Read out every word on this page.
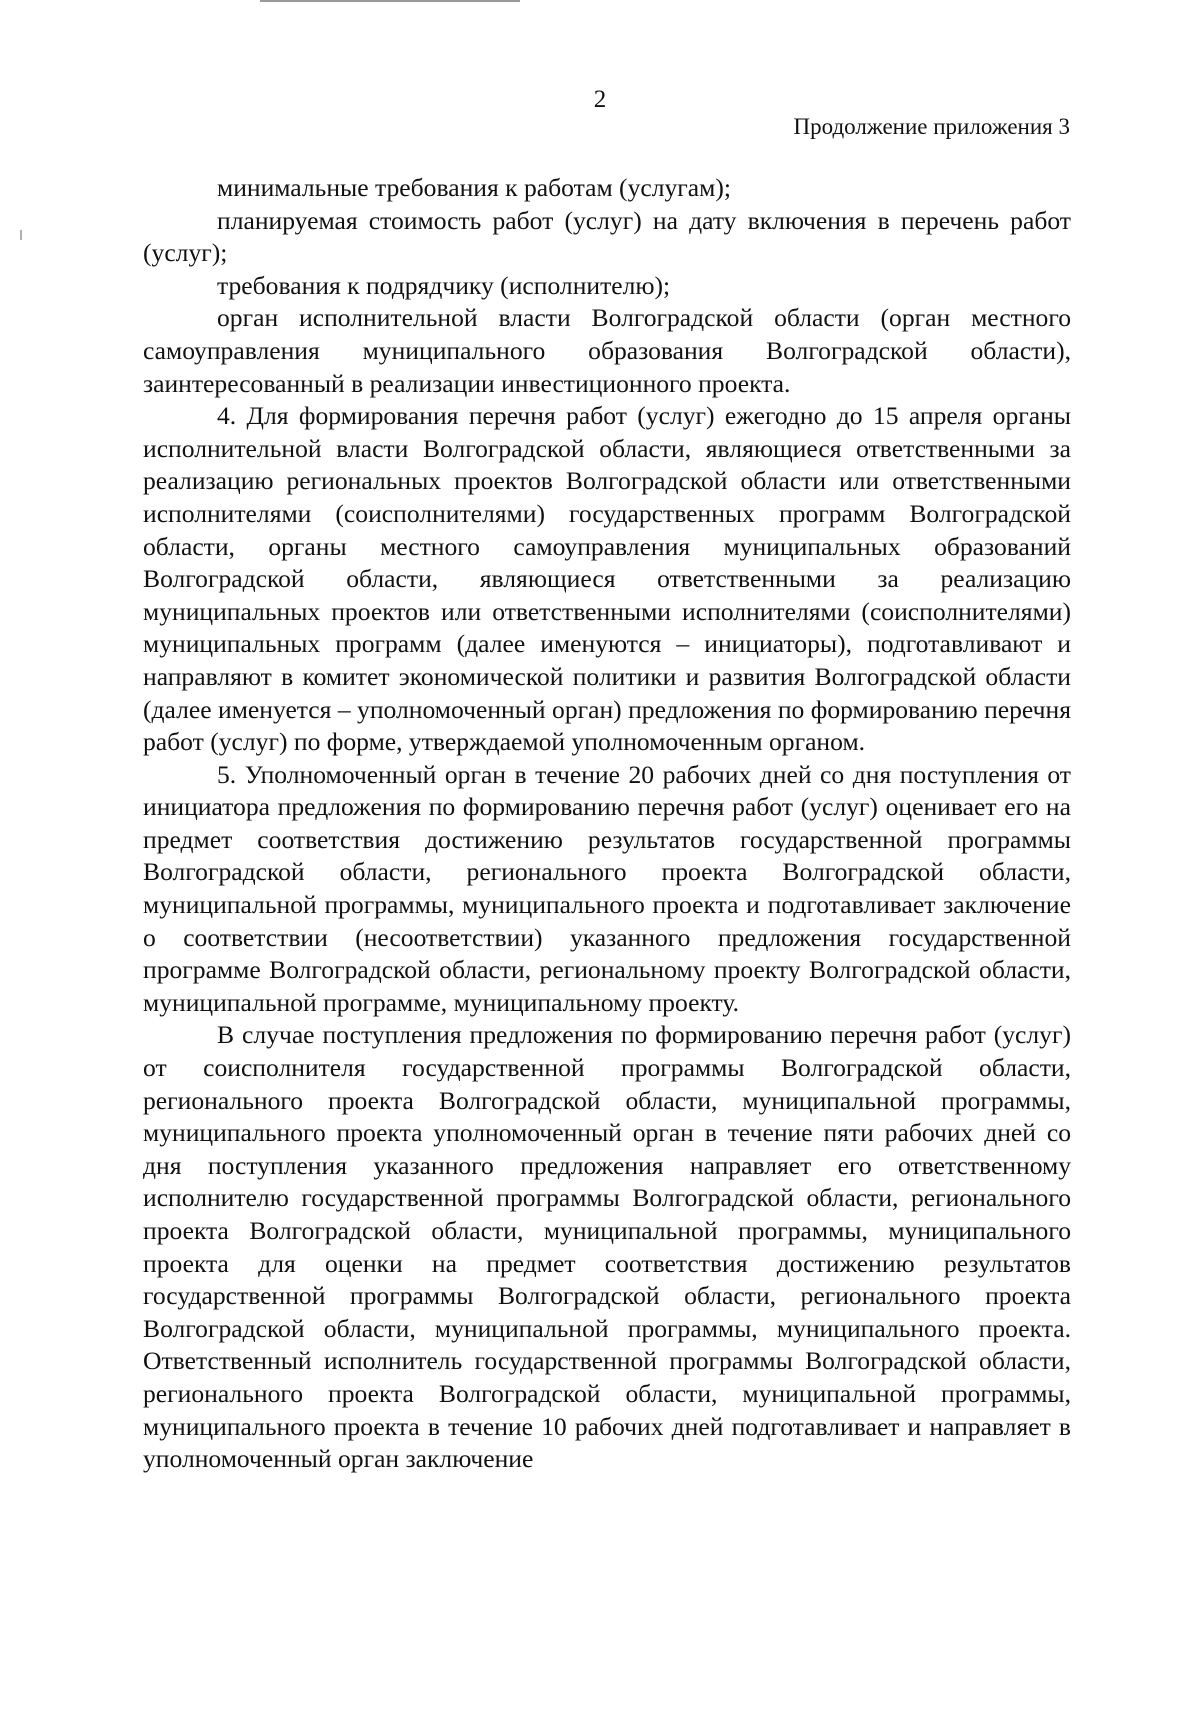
2
Продолжение приложения 3

минимальные требования к работам (услугам);

планируемая стоимость работ (услуг) на дату включения в перечень работ (услуг);

требования к подрядчику (исполнителю);

орган исполнительной власти Волгоградской области (орган местного самоуправления муниципального образования Волгоградской области), заинтересованный в реализации инвестиционного проекта.

4. Для формирования перечня работ (услуг) ежегодно до 15 апреля органы исполнительной власти Волгоградской области, являющиеся ответственными за реализацию региональных проектов Волгоградской области или ответственными исполнителями (соисполнителями) государственных программ Волгоградской области, органы местного самоуправления муниципальных образований Волгоградской области, являющиеся ответственными за реализацию муниципальных проектов или ответственными исполнителями (соисполнителями) муниципальных программ (далее именуются – инициаторы), подготавливают и направляют в комитет экономической политики и развития Волгоградской области (далее именуется – уполномоченный орган) предложения по формированию перечня работ (услуг) по форме, утверждаемой уполномоченным органом.

5. Уполномоченный орган в течение 20 рабочих дней со дня поступления от инициатора предложения по формированию перечня работ (услуг) оценивает его на предмет соответствия достижению результатов государственной программы Волгоградской области, регионального проекта Волгоградской области, муниципальной программы, муниципального проекта и подготавливает заключение о соответствии (несоответствии) указанного предложения государственной программе Волгоградской области, региональному проекту Волгоградской области, муниципальной программе, муниципальному проекту.

В случае поступления предложения по формированию перечня работ (услуг) от соисполнителя государственной программы Волгоградской области, регионального проекта Волгоградской области, муниципальной программы, муниципального проекта уполномоченный орган в течение пяти рабочих дней со дня поступления указанного предложения направляет его ответственному исполнителю государственной программы Волгоградской области, регионального проекта Волгоградской области, муниципальной программы, муниципального проекта для оценки на предмет соответствия достижению результатов государственной программы Волгоградской области, регионального проекта Волгоградской области, муниципальной программы, муниципального проекта. Ответственный исполнитель государственной программы Волгоградской области, регионального проекта Волгоградской области, муниципальной программы, муниципального проекта в течение 10 рабочих дней подготавливает и направляет в уполномоченный орган заключение
